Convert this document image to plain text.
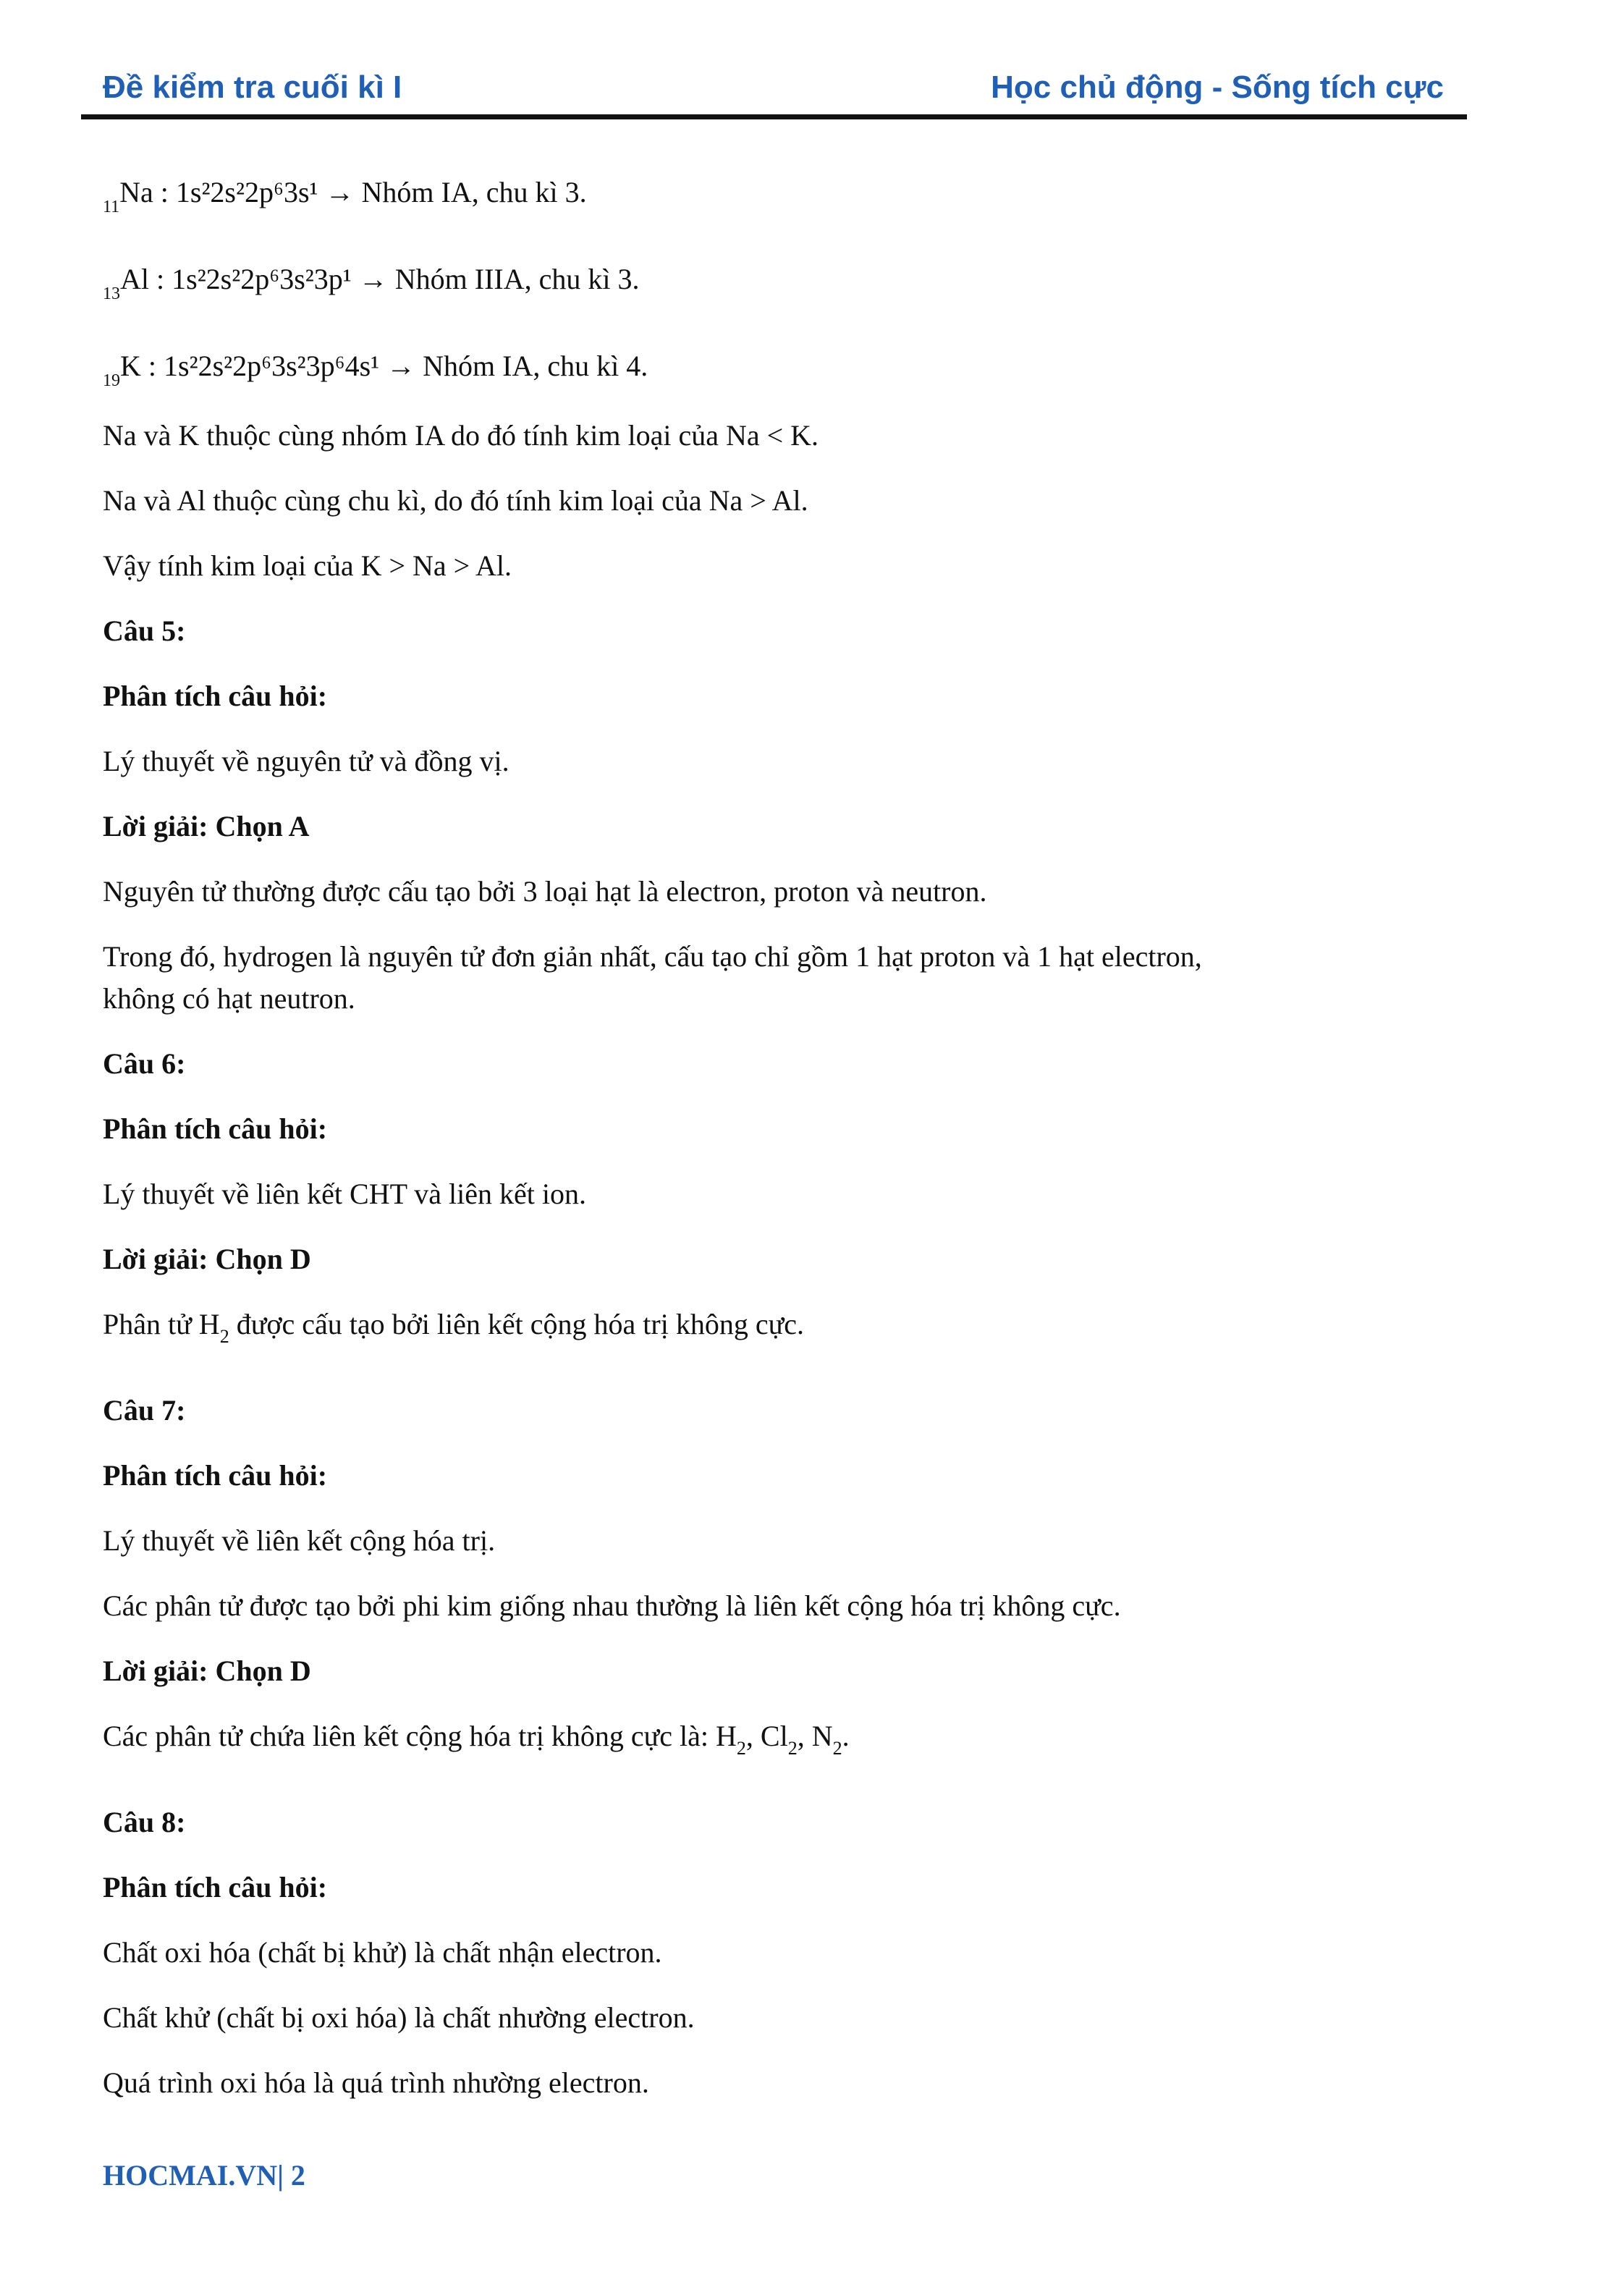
Đề kiểm tra cuối kì I	Học chủ động - Sống tích cực

$_{11}$Na : 1s²2s²2p⁶3s¹ → Nhóm IA, chu kì 3.

$_{13}$Al : 1s²2s²2p⁶3s²3p¹ → Nhóm IIIA, chu kì 3.

$_{19}$K : 1s²2s²2p⁶3s²3p⁶4s¹ → Nhóm IA, chu kì 4.

Na và K thuộc cùng nhóm IA do đó tính kim loại của Na < K.

Na và Al thuộc cùng chu kì, do đó tính kim loại của Na > Al.

Vậy tính kim loại của K > Na > Al.

Câu 5:

Phân tích câu hỏi:

Lý thuyết về nguyên tử và đồng vị.

Lời giải: Chọn A

Nguyên tử thường được cấu tạo bởi 3 loại hạt là electron, proton và neutron.

Trong đó, hydrogen là nguyên tử đơn giản nhất, cấu tạo chỉ gồm 1 hạt proton và 1 hạt electron,

không có hạt neutron.

Câu 6:

Phân tích câu hỏi:

Lý thuyết về liên kết CHT và liên kết ion.

Lời giải: Chọn D

Phân tử $H_2$ được cấu tạo bởi liên kết cộng hóa trị không cực.

Câu 7:

Phân tích câu hỏi:

Lý thuyết về liên kết cộng hóa trị.

Các phân tử được tạo bởi phi kim giống nhau thường là liên kết cộng hóa trị không cực.

Lời giải: Chọn D

Các phân tử chứa liên kết cộng hóa trị không cực là: $H_2$, $Cl_2$, $N_2$.

Câu 8:

Phân tích câu hỏi:

Chất oxi hóa (chất bị khử) là chất nhận electron.

Chất khử (chất bị oxi hóa) là chất nhường electron.

Quá trình oxi hóa là quá trình nhường electron.

HOCMAI.VN| 2
